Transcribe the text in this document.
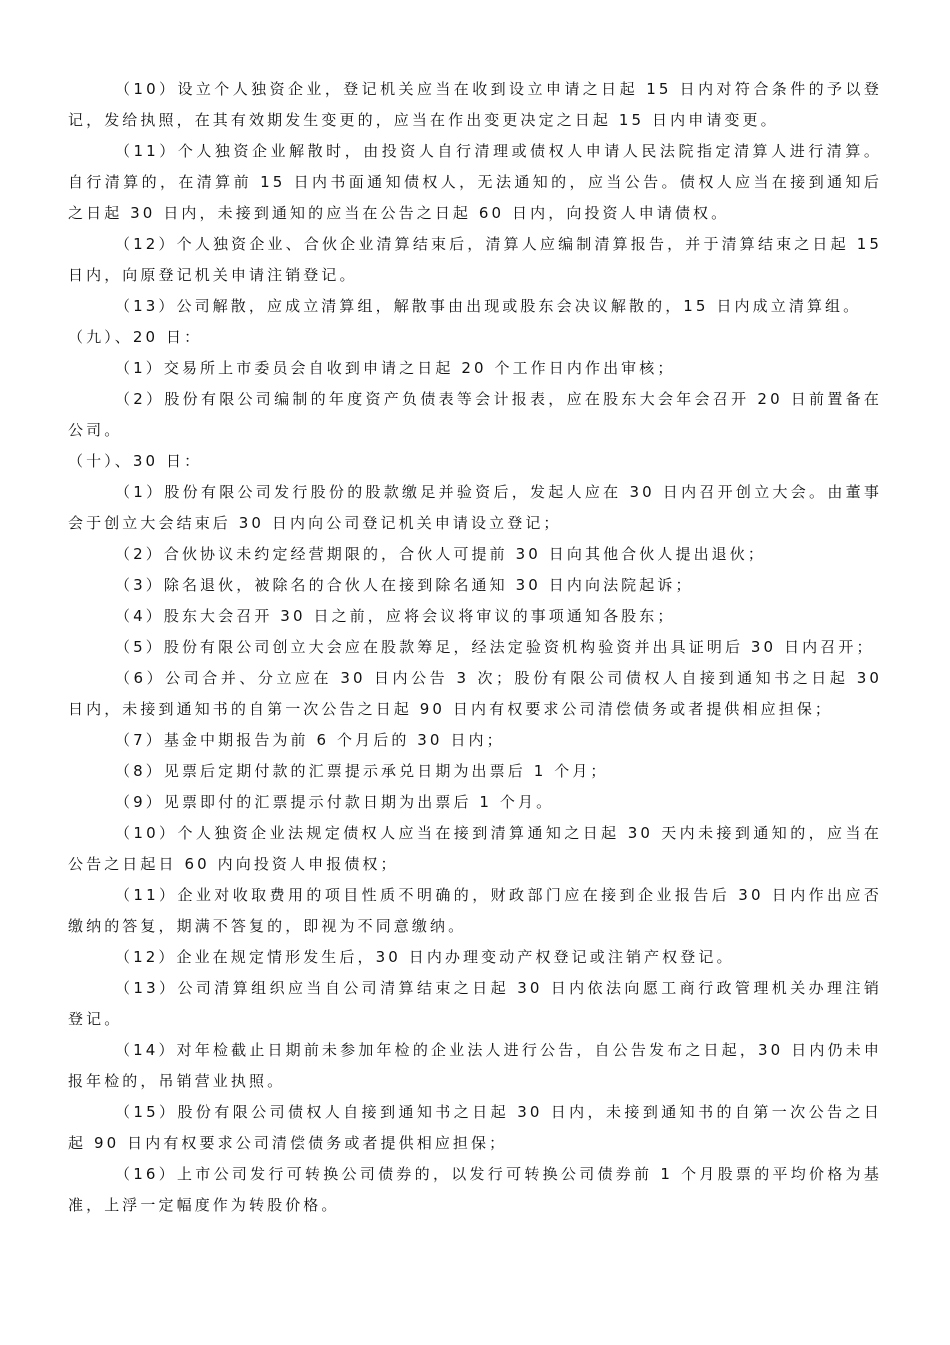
（10）设立个人独资企业，登记机关应当在收到设立申请之日起 15 日内对符合条件的予以登记，发给执照，在其有效期发生变更的，应当在作出变更决定之日起 15 日内申请变更。

（11）个人独资企业解散时，由投资人自行清理或债权人申请人民法院指定清算人进行清算。自行清算的，在清算前 15 日内书面通知债权人，无法通知的，应当公告。债权人应当在接到通知后之日起 30 日内，未接到通知的应当在公告之日起 60 日内，向投资人申请债权。

（12）个人独资企业、合伙企业清算结束后，清算人应编制清算报告，并于清算结束之日起 15 日内，向原登记机关申请注销登记。

（13）公司解散，应成立清算组，解散事由出现或股东会决议解散的，15 日内成立清算组。

（九）、20 日：

（1）交易所上市委员会自收到申请之日起 20 个工作日内作出审核；

（2）股份有限公司编制的年度资产负债表等会计报表，应在股东大会年会召开 20 日前置备在公司。

（十）、30 日：

（1）股份有限公司发行股份的股款缴足并验资后，发起人应在 30 日内召开创立大会。由董事会于创立大会结束后 30 日内向公司登记机关申请设立登记；

（2）合伙协议未约定经营期限的，合伙人可提前 30 日向其他合伙人提出退伙；

（3）除名退伙，被除名的合伙人在接到除名通知 30 日内向法院起诉；

（4）股东大会召开 30 日之前，应将会议将审议的事项通知各股东；

（5）股份有限公司创立大会应在股款筹足，经法定验资机构验资并出具证明后 30 日内召开；

（6）公司合并、分立应在 30 日内公告 3 次；股份有限公司债权人自接到通知书之日起 30 日内，未接到通知书的自第一次公告之日起 90 日内有权要求公司清偿债务或者提供相应担保；

（7）基金中期报告为前 6 个月后的 30 日内；

（8）见票后定期付款的汇票提示承兑日期为出票后 1 个月；

（9）见票即付的汇票提示付款日期为出票后 1 个月。

（10）个人独资企业法规定债权人应当在接到清算通知之日起 30 天内未接到通知的，应当在公告之日起日 60 内向投资人申报债权；

（11）企业对收取费用的项目性质不明确的，财政部门应在接到企业报告后 30 日内作出应否缴纳的答复，期满不答复的，即视为不同意缴纳。

（12）企业在规定情形发生后，30 日内办理变动产权登记或注销产权登记。

（13）公司清算组织应当自公司清算结束之日起 30 日内依法向愿工商行政管理机关办理注销登记。

（14）对年检截止日期前未参加年检的企业法人进行公告，自公告发布之日起，30 日内仍未申报年检的，吊销营业执照。

（15）股份有限公司债权人自接到通知书之日起 30 日内，未接到通知书的自第一次公告之日起 90 日内有权要求公司清偿债务或者提供相应担保；

（16）上市公司发行可转换公司债券的，以发行可转换公司债券前 1 个月股票的平均价格为基准，上浮一定幅度作为转股价格。
